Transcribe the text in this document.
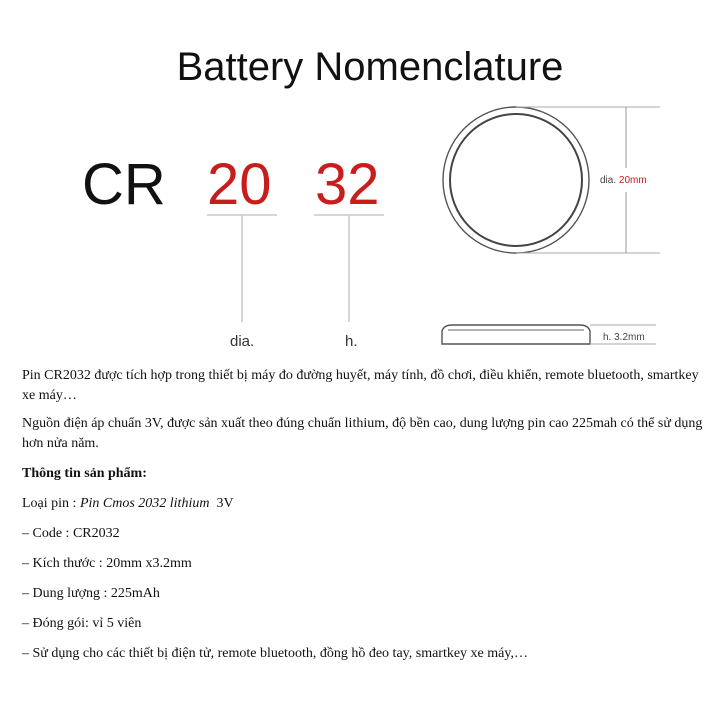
Battery Nomenclature
CR 20 32
dia.	h.
dia. 20mm
h. 3.2mm

Pin CR2032 được tích hợp trong thiết bị máy đo đường huyết, máy tính, đồ chơi, điều khiển, remote bluetooth, smartkey xe máy…

Nguồn điện áp chuẩn 3V, được sản xuất theo đúng chuẩn lithium, độ bền cao, dung lượng pin cao 225mah có thể sử dụng hơn nửa năm.

Thông tin sản phẩm:

Loại pin : Pin Cmos 2032 lithium  3V

– Code : CR2032

– Kích thước : 20mm x3.2mm

– Dung lượng : 225mAh

– Đóng gói: vỉ 5 viên

– Sử dụng cho các thiết bị điện tử, remote bluetooth, đồng hồ đeo tay, smartkey xe máy,…
